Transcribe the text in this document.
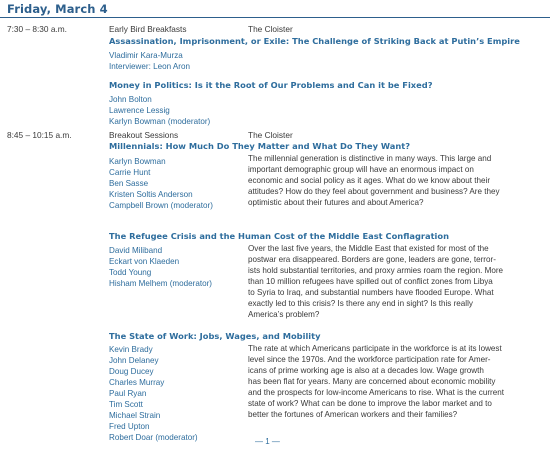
Friday, March 4
7:30 – 8:30 a.m.	Early Bird Breakfasts	The Cloister
Assassination, Imprisonment, or Exile: The Challenge of Striking Back at Putin’s Empire
Vladimir Kara-Murza
Interviewer: Leon Aron
Money in Politics: Is it the Root of Our Problems and Can it be Fixed?
John Bolton
Lawrence Lessig
Karlyn Bowman (moderator)
8:45 – 10:15 a.m.	Breakout Sessions	The Cloister
Millennials: How Much Do They Matter and What Do They Want?
Karlyn Bowman
Carrie Hunt
Ben Sasse
Kristen Soltis Anderson
Campbell Brown (moderator)
The millennial generation is distinctive in many ways. This large and
important demographic group will have an enormous impact on
economic and social policy as it ages. What do we know about their
attitudes? How do they feel about government and business? Are they
optimistic about their futures and about America?
The Refugee Crisis and the Human Cost of the Middle East Conflagration
David Miliband
Eckart von Klaeden
Todd Young
Hisham Melhem (moderator)
Over the last five years, the Middle East that existed for most of the
postwar era disappeared. Borders are gone, leaders are gone, terror-
ists hold substantial territories, and proxy armies roam the region. More
than 10 million refugees have spilled out of conflict zones from Libya
to Syria to Iraq, and substantial numbers have flooded Europe. What
exactly led to this crisis? Is there any end in sight? Is this really
America’s problem?
The State of Work: Jobs, Wages, and Mobility
Kevin Brady
John Delaney
Doug Ducey
Charles Murray
Paul Ryan
Tim Scott
Michael Strain
Fred Upton
Robert Doar (moderator)
The rate at which Americans participate in the workforce is at its lowest
level since the 1970s. And the workforce participation rate for Amer-
icans of prime working age is also at a decades low. Wage growth
has been flat for years. Many are concerned about economic mobility
and the prospects for low-income Americans to rise. What is the current
state of work? What can be done to improve the labor market and to
better the fortunes of American workers and their families?
— 1 —
